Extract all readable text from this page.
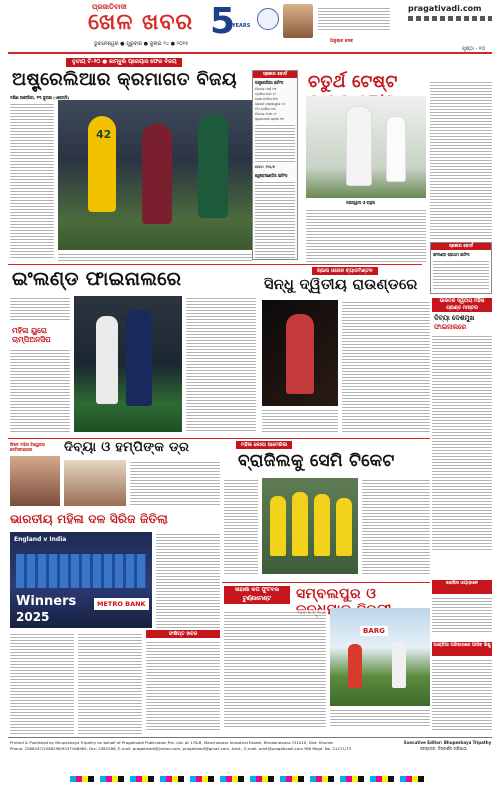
ପ୍ରଜାତିବାଦୀ
ଖେଳ ଖବର
ଭୁବନେଶ୍ୱର ● ଗୁରୁବାର ● ଜୁଲାଇ ୨୪ ● ୨୦୨୫
5
YEARS
ଅନୁଭବ ଦେବ
pragativadi.com
ପୃଷ୍ଠା - ୧୦
ତୃତୀୟ ଟି-୨୦ ● ଜାମ୍ବୁରି ପ୍ରେୟାସ ଫେର ବିଜୟ
ଅଷ୍ଟ୍ରେଲିଆର କ୍ରମାଗତ ବିଜୟ
ଦକ୍ଷିଣ ଆଫ୍ରିକା, ୨୩ ଜୁଲାଇ (ଏଜେନ୍ସି)
42
ସ୍କୋର ବୋର୍ଡ
ଅଷ୍ଟ୍ରେଲିଆ ଇନିଂସ
ମିଚେଲ ମାର୍ଶ ୨୩
ଟ୍ରାଭିସ ହେଡ ୧୯
ଜୋସ ଇଂଲିସ ୩୩
ଗ୍ଲେନ ମାକ୍ସୱେଲ ୧୬
ଟିମ ଡେଭିଡ ୪୩
ମିଚେଲ ଓଏନ ୧୯
କ୍ୟାମେରନ ଗ୍ରୀନ ୩୨
ମୋଟ: ୨୧୫/୭
ୱେଷ୍ଟଇଣ୍ଡିଜ ଇନିଂସ
ଚତୁର୍ଥ ଟେଷ୍ଟ
ଜଇସ୍ୱାଲ ଓ ରାହୁଲ
ସ୍କୋର ବୋର୍ଡ
ଇଂଲଣ୍ଡ ପ୍ରଥମ ଇନିଂସ
ଇଂଲଣ୍ଡ ଫାଇନାଲରେ
ମହିଳା ୟୁରୋ ଚାମ୍ପିଅନସିପ
ଚାଇନା ଓପେନ ବ୍ୟାଡମିଣ୍ଟନ
ସିନ୍ଧୁ ଦ୍ୱିତୀୟ ରାଉଣ୍ଡରେ
ଭାରତର ଦ୍ୱିତୀୟ ମହିଳା ଗ୍ରାଣ୍ଡ ମାଷ୍ଟର
ଦିବ୍ୟା ଦେଶମୁଖ
ଫାଇନାଲରେ
ହୋଲିସ ଓୟାଡ଼ାନେ
ପାଣ୍ଡିଆ ପରିବାରରେ ଆସିବ ଶିଶୁ
ଫିଡେ ମହିଳା ବିଶ୍ୱକପ ସେମିଫାଇନାଲ	ଦିବ୍ୟା ଓ ହମ୍ପିଙ୍କ ଡ୍ର	ମହିଳା କୋପା ଆମେରିକା
ବ୍ରାଜିଲକୁ ସେମି ଟିକେଟ
ଭାରତୀୟ ମହିଳା ଦଳ ସିରିଜ ଜିତିଲା
England v India
Winners
2025
METRO BANK
ସାହାଣୀ କପ ଫୁଟବଲ ଟୁର୍ଣ୍ଣାମେଣ୍ଟ	ସମ୍ବଲପୁର ଓ
BARG
ସଂକ୍ଷିପ୍ତ ଖବର
Printed & Published by Bhupeshaya Tripathy on behalf of Pragativadi Publication Pvt. Ltd. at 178-B, Mancheswar Industrial Estate, Bhubaneswar-751010, Dist. Khurda
Phone: 2588297/2588298/9437166965, Fax: 2582586, E-mail: pragativadi@yahoo.com, pragativadi@gmail.com, Advt., E-mail: advt@pragativadi.com RNI Regd. No. 21271/73
Executive Editor: Bhupeshaya Tripathy
ସମ୍ପାଦକ: ଦିଗଦର୍ଶନ ତ୍ରିପାଠୀ
